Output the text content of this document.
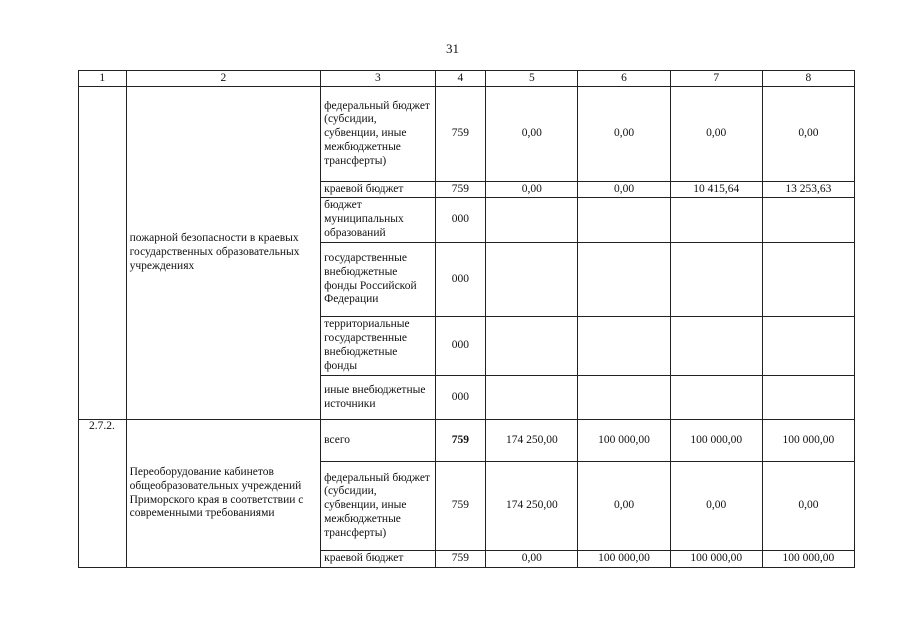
31
1	2	3	4	5	6	7	8
	пожарной безопасности в краевых государственных образовательных учреждениях	федеральный бюджет (субсидии, субвенции, иные межбюджетные трансферты)	759	0,00	0,00	0,00	0,00
		краевой бюджет	759	0,00	0,00	10 415,64	13 253,63
		бюджет муниципальных образований	000				
		государственные внебюджетные фонды Российской Федерации	000				
		территориальные государственные внебюджетные фонды	000				
		иные внебюджетные источники	000				
2.7.2.	Переоборудование кабинетов общеобразовательных учреждений Приморского края в соответствии с современными требованиями	всего	759	174 250,00	100 000,00	100 000,00	100 000,00
		федеральный бюджет (субсидии, субвенции, иные межбюджетные трансферты)	759	174 250,00	0,00	0,00	0,00
		краевой бюджет	759	0,00	100 000,00	100 000,00	100 000,00
